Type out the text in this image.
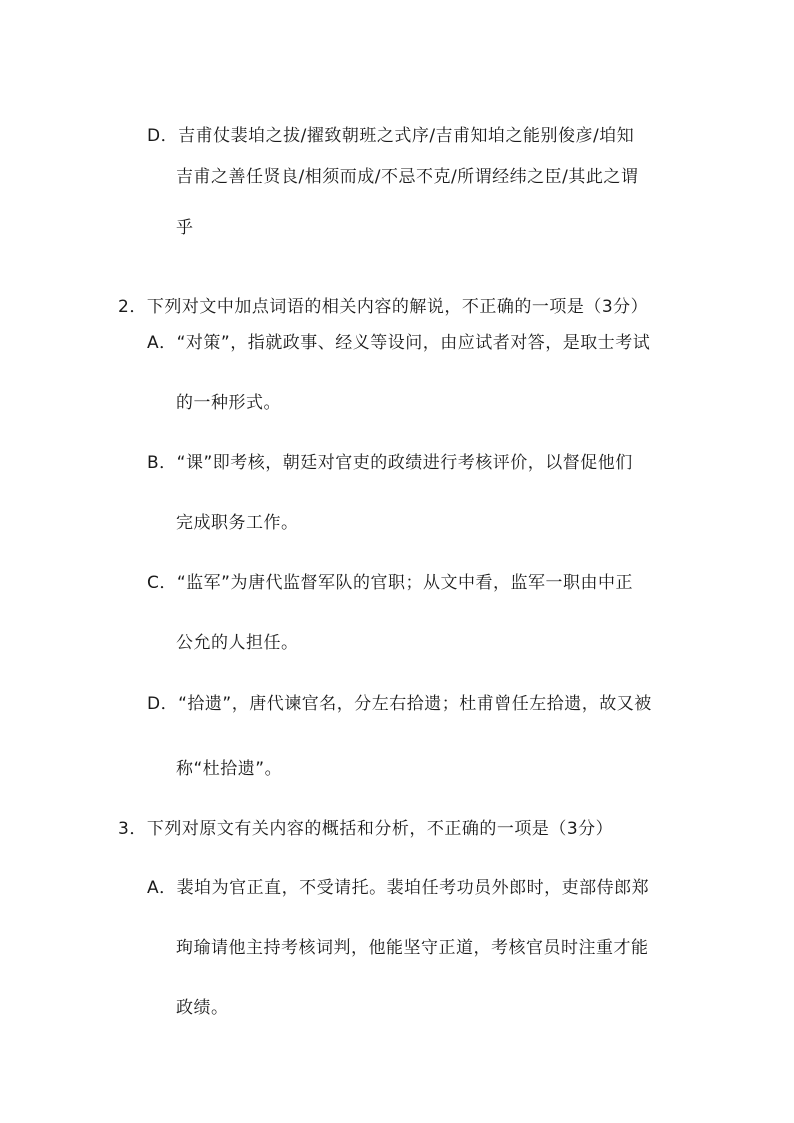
D．吉甫仗裴垍之拔/擢致朝班之式序/吉甫知垍之能别俊彦/垍知
吉甫之善任贤良/相须而成/不忌不克/所谓经纬之臣/其此之谓
乎
2．下列对文中加点词语的相关内容的解说，不正确的一项是（3分）
A．“对策”，指就政事、经义等设问，由应试者对答，是取士考试
的一种形式。
B．“课”即考核，朝廷对官吏的政绩进行考核评价，以督促他们
完成职务工作。
C．“监军”为唐代监督军队的官职；从文中看，监军一职由中正
公允的人担任。
D．“拾遗”，唐代谏官名，分左右拾遗；杜甫曾任左拾遗，故又被
称“杜拾遗”。
3．下列对原文有关内容的概括和分析，不正确的一项是（3分）
A．裴垍为官正直，不受请托。裴垍任考功员外郎时，吏部侍郎郑
珣瑜请他主持考核词判，他能坚守正道，考核官员时注重才能
政绩。
